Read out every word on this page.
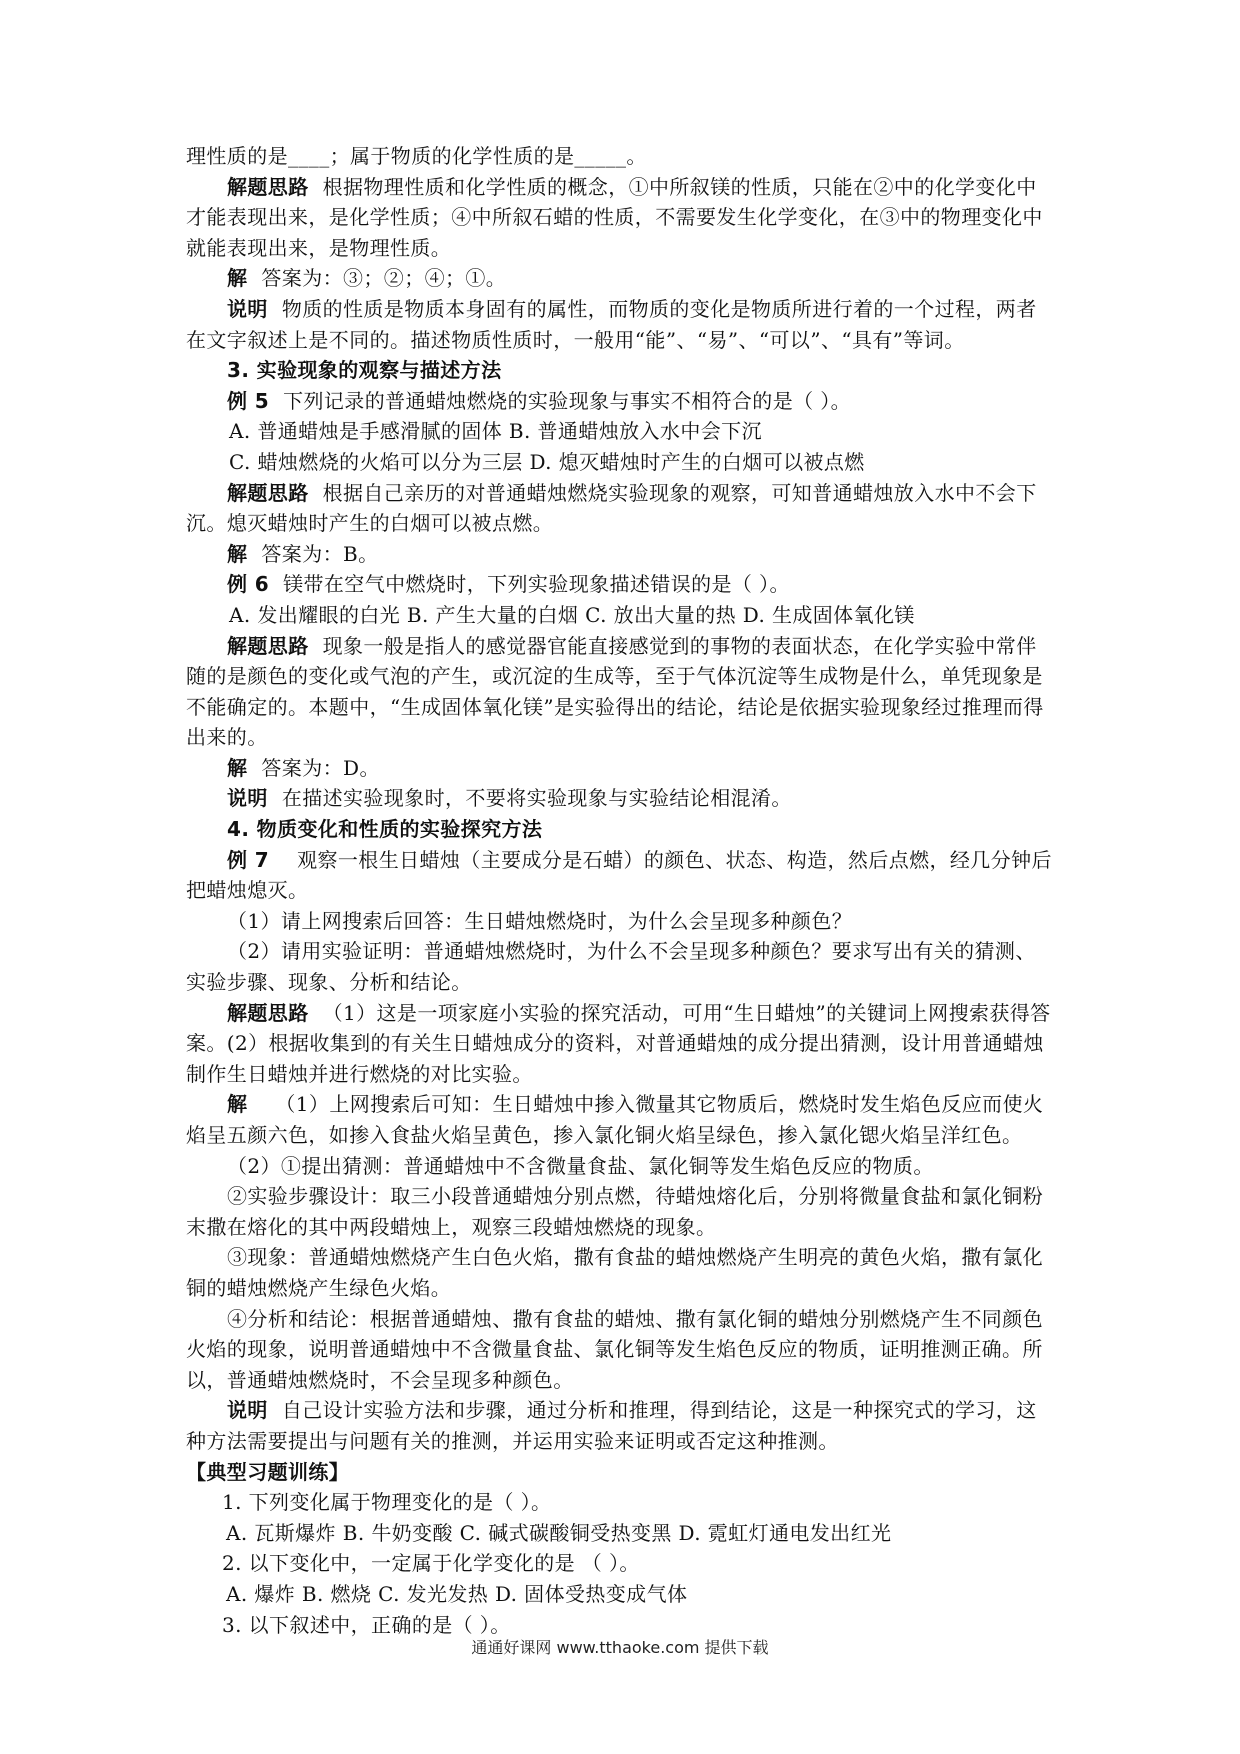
理性质的是____；属于物质的化学性质的是_____。

解题思路 根据物理性质和化学性质的概念，①中所叙镁的性质，只能在②中的化学变化中才能表现出来，是化学性质；④中所叙石蜡的性质，不需要发生化学变化，在③中的物理变化中就能表现出来，是物理性质。

解 答案为：③；②；④；①。

说明 物质的性质是物质本身固有的属性，而物质的变化是物质所进行着的一个过程，两者在文字叙述上是不同的。描述物质性质时，一般用“能”、“易”、“可以”、“具有”等词。

3. 实验现象的观察与描述方法

例 5 下列记录的普通蜡烛燃烧的实验现象与事实不相符合的是（ ）。

A. 普通蜡烛是手感滑腻的固体 B. 普通蜡烛放入水中会下沉

C. 蜡烛燃烧的火焰可以分为三层 D. 熄灭蜡烛时产生的白烟可以被点燃

解题思路 根据自己亲历的对普通蜡烛燃烧实验现象的观察，可知普通蜡烛放入水中不会下沉。熄灭蜡烛时产生的白烟可以被点燃。

解 答案为：B。

例 6 镁带在空气中燃烧时，下列实验现象描述错误的是（ ）。

A. 发出耀眼的白光 B. 产生大量的白烟 C. 放出大量的热 D. 生成固体氧化镁

解题思路 现象一般是指人的感觉器官能直接感觉到的事物的表面状态，在化学实验中常伴随的是颜色的变化或气泡的产生，或沉淀的生成等，至于气体沉淀等生成物是什么，单凭现象是不能确定的。本题中，“生成固体氧化镁”是实验得出的结论，结论是依据实验现象经过推理而得出来的。

解 答案为：D。

说明 在描述实验现象时，不要将实验现象与实验结论相混淆。

4. 物质变化和性质的实验探究方法

例 7 观察一根生日蜡烛（主要成分是石蜡）的颜色、状态、构造，然后点燃，经几分钟后把蜡烛熄灭。

（1）请上网搜索后回答：生日蜡烛燃烧时，为什么会呈现多种颜色？

（2）请用实验证明：普通蜡烛燃烧时，为什么不会呈现多种颜色？要求写出有关的猜测、实验步骤、现象、分析和结论。

解题思路 （1）这是一项家庭小实验的探究活动，可用“生日蜡烛”的关键词上网搜索获得答案。(2）根据收集到的有关生日蜡烛成分的资料，对普通蜡烛的成分提出猜测，设计用普通蜡烛制作生日蜡烛并进行燃烧的对比实验。

解 （1）上网搜索后可知：生日蜡烛中掺入微量其它物质后，燃烧时发生焰色反应而使火焰呈五颜六色，如掺入食盐火焰呈黄色，掺入氯化铜火焰呈绿色，掺入氯化锶火焰呈洋红色。

（2）①提出猜测：普通蜡烛中不含微量食盐、氯化铜等发生焰色反应的物质。

②实验步骤设计：取三小段普通蜡烛分别点燃，待蜡烛熔化后，分别将微量食盐和氯化铜粉末撒在熔化的其中两段蜡烛上，观察三段蜡烛燃烧的现象。

③现象：普通蜡烛燃烧产生白色火焰，撒有食盐的蜡烛燃烧产生明亮的黄色火焰，撒有氯化铜的蜡烛燃烧产生绿色火焰。

④分析和结论：根据普通蜡烛、撒有食盐的蜡烛、撒有氯化铜的蜡烛分别燃烧产生不同颜色火焰的现象，说明普通蜡烛中不含微量食盐、氯化铜等发生焰色反应的物质，证明推测正确。所以，普通蜡烛燃烧时，不会呈现多种颜色。

说明 自己设计实验方法和步骤，通过分析和推理，得到结论，这是一种探究式的学习，这种方法需要提出与问题有关的推测，并运用实验来证明或否定这种推测。

【典型习题训练】

1. 下列变化属于物理变化的是（ ）。

A. 瓦斯爆炸 B. 牛奶变酸 C. 碱式碳酸铜受热变黑 D. 霓虹灯通电发出红光

2. 以下变化中，一定属于化学变化的是 （ ）。

A. 爆炸 B. 燃烧 C. 发光发热 D. 固体受热变成气体

3. 以下叙述中，正确的是（ ）。

通通好课网 www.tthaoke.com 提供下载
